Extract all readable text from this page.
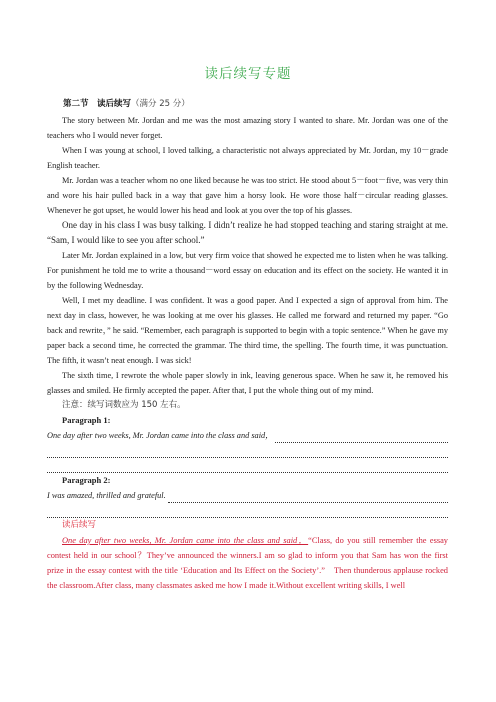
读后续写专题
第二节　读后续写（满分 25 分）

The story between Mr. Jordan and me was the most amazing story I wanted to share. Mr. Jordan was one of the teachers who I would never forget.

When I was young at school, I loved talking, a characteristic not always appreciated by Mr. Jordan, my 10－grade English teacher.

Mr. Jordan was a teacher whom no one liked because he was too strict. He stood about 5－foot－five, was very thin and wore his hair pulled back in a way that gave him a horsy look. He wore those half－circular reading glasses. Whenever he got upset, he would lower his head and look at you over the top of his glasses.

One day in his class I was busy talking. I didn’t realize he had stopped teaching and staring straight at me. “Sam, I would like to see you after school.”

Later Mr. Jordan explained in a low, but very firm voice that showed he expected me to listen when he was talking. For punishment he told me to write a thousand－word essay on education and its effect on the society. He wanted it in by the following Wednesday.

Well, I met my deadline. I was confident. It was a good paper. And I expected a sign of approval from him. The next day in class, however, he was looking at me over his glasses. He called me forward and returned my paper. “Go back and rewrite，” he said. “Remember, each paragraph is supported to begin with a topic sentence.” When he gave my paper back a second time, he corrected the grammar. The third time, the spelling. The fourth time, it was punctuation. The fifth, it wasn’t neat enough. I was sick!

The sixth time, I rewrote the whole paper slowly in ink, leaving generous space. When he saw it, he removed his glasses and smiled. He firmly accepted the paper. After that, I put the whole thing out of my mind.

注意：续写词数应为 150 左右。

Paragraph 1:

One day after two weeks, Mr. Jordan came into the class and said，

Paragraph 2:

I was amazed, thrilled and grateful.

读后续写

One day after two weeks, Mr. Jordan came into the class and said，“Class, do you still remember the essay contest held in our school？They’ve announced the winners.I am so glad to inform you that Sam has won the first prize in the essay contest with the title ‘Education and Its Effect on the Society’.”　Then thunderous applause rocked the classroom.After class, many classmates asked me how I made it.Without excellent writing skills, I well
